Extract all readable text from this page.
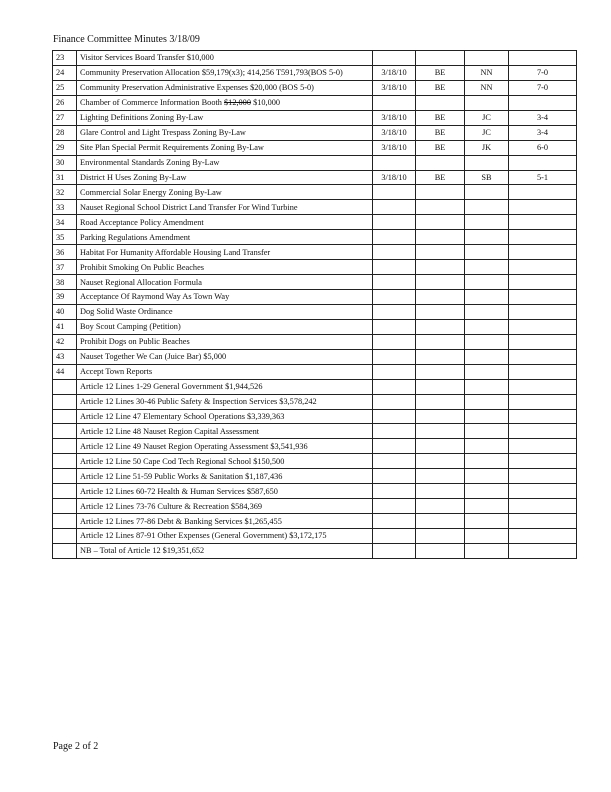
Finance Committee Minutes 3/18/09
23	Visitor Services Board Transfer $10,000				
24	Community Preservation Allocation $59,179(x3); 414,256 T591,793(BOS 5-0)	3/18/10	BE	NN	7-0
25	Community Preservation Administrative Expenses $20,000 (BOS 5-0)	3/18/10	BE	NN	7-0
26	Chamber of Commerce Information Booth $12,000 $10,000				
27	Lighting Definitions Zoning By-Law	3/18/10	BE	JC	3-4
28	Glare Control and Light Trespass Zoning By-Law	3/18/10	BE	JC	3-4
29	Site Plan Special Permit Requirements Zoning By-Law	3/18/10	BE	JK	6-0
30	Environmental Standards Zoning By-Law				
31	District H Uses Zoning By-Law	3/18/10	BE	SB	5-1
32	Commercial Solar Energy Zoning By-Law				
33	Nauset Regional School District Land Transfer For Wind Turbine				
34	Road Acceptance Policy Amendment				
35	Parking Regulations Amendment				
36	Habitat For Humanity Affordable Housing Land Transfer				
37	Prohibit Smoking On Public Beaches				
38	Nauset Regional Allocation Formula				
39	Acceptance Of Raymond Way As Town Way				
40	Dog Solid Waste Ordinance				
41	Boy Scout Camping (Petition)				
42	Prohibit Dogs on Public Beaches				
43	Nauset Together We Can (Juice Bar) $5,000				
44	Accept Town Reports				
	Article 12 Lines 1-29 General Government $1,944,526				
	Article 12 Lines 30-46 Public Safety & Inspection Services $3,578,242				
	Article 12 Line 47 Elementary School Operations $3,339,363				
	Article 12 Line 48 Nauset Region Capital Assessment				
	Article 12 Line 49 Nauset Region Operating Assessment $3,541,936				
	Article 12 Line 50 Cape Cod Tech Regional School $150,500				
	Article 12 Line 51-59 Public Works & Sanitation $1,187,436				
	Article 12 Lines 60-72 Health & Human Services $587,650				
	Article 12 Lines 73-76 Culture & Recreation $584,369				
	Article 12 Lines 77-86 Debt & Banking Services $1,265,455				
	Article 12 Lines 87-91 Other Expenses (General Government) $3,172,175				
	NB – Total of Article 12 $19,351,652				
Page 2 of 2
